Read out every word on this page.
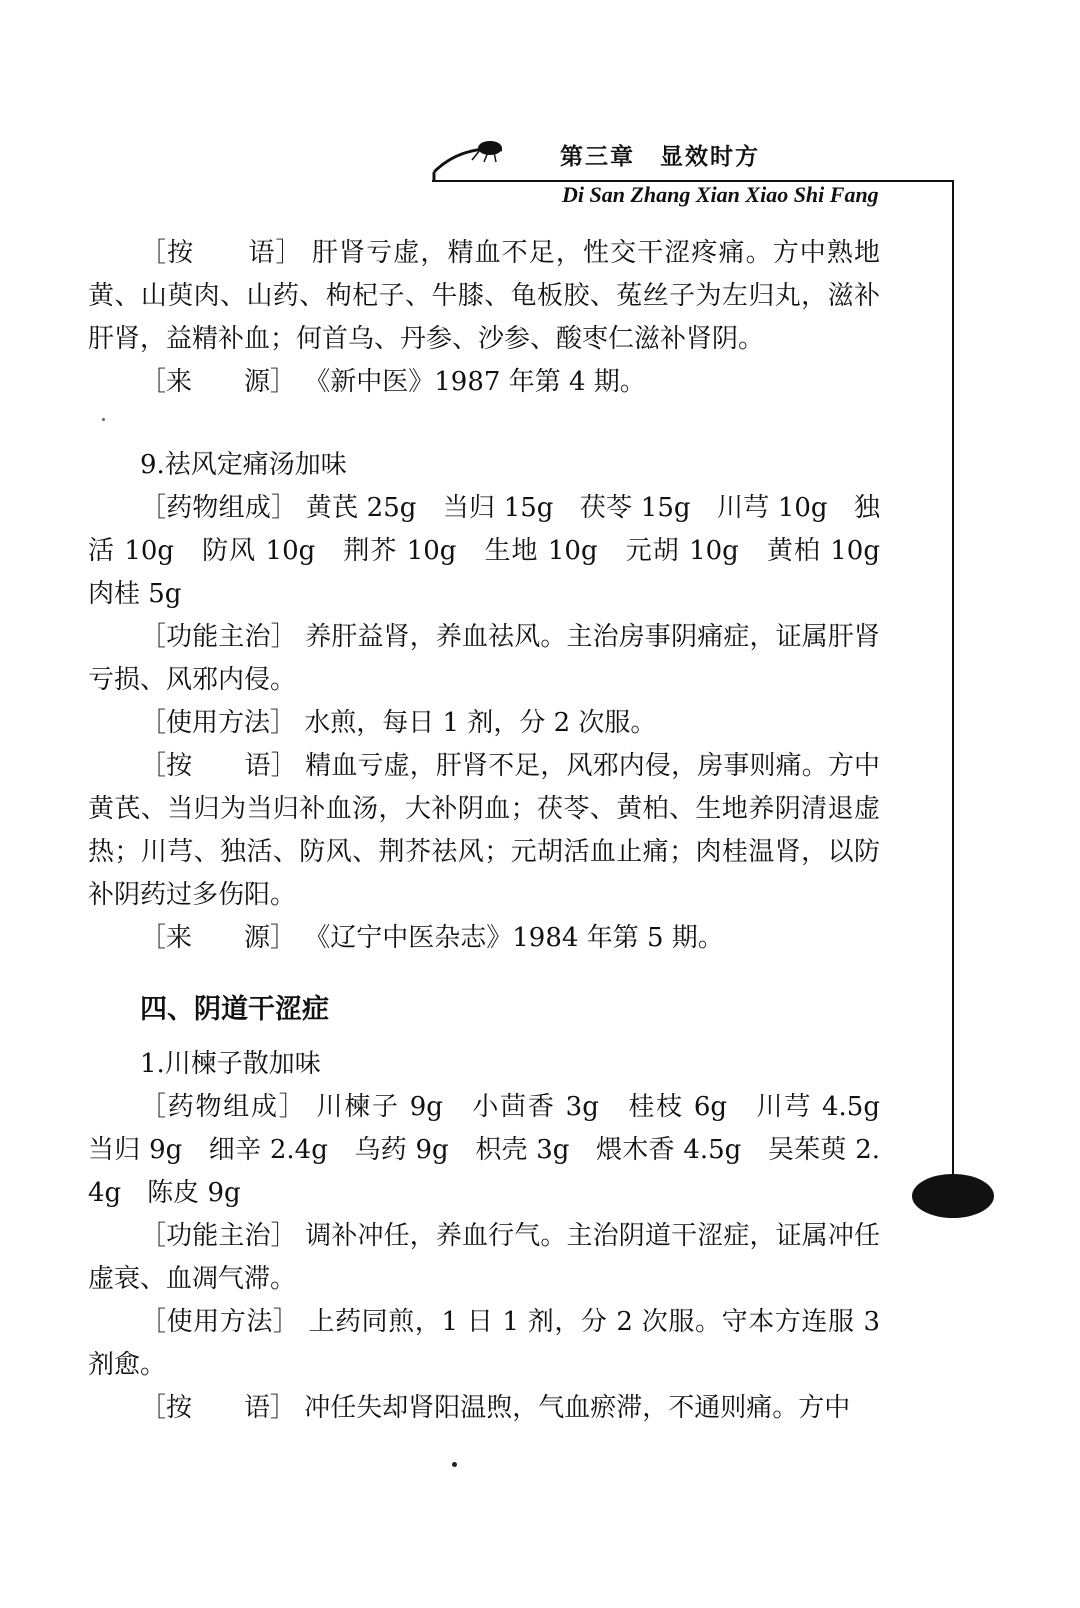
第三章　显效时方
Di San Zhang Xian Xiao Shi Fang

［按　　语］ 肝肾亏虚，精血不足，性交干涩疼痛。方中熟地黄、山萸肉、山药、枸杞子、牛膝、龟板胶、菟丝子为左归丸，滋补肝肾，益精补血；何首乌、丹参、沙参、酸枣仁滋补肾阴。

［来　　源］ 《新中医》1987 年第 4 期。

9.祛风定痛汤加味

［药物组成］ 黄芪 25g　当归 15g　茯苓 15g　川芎 10g　独活 10g　防风 10g　荆芥 10g　生地 10g　元胡 10g　黄柏 10g　肉桂 5g

［功能主治］ 养肝益肾，养血祛风。主治房事阴痛症，证属肝肾亏损、风邪内侵。

［使用方法］ 水煎，每日 1 剂，分 2 次服。

［按　　语］ 精血亏虚，肝肾不足，风邪内侵，房事则痛。方中黄芪、当归为当归补血汤，大补阴血；茯苓、黄柏、生地养阴清退虚热；川芎、独活、防风、荆芥祛风；元胡活血止痛；肉桂温肾，以防补阴药过多伤阳。

［来　　源］ 《辽宁中医杂志》1984 年第 5 期。

四、阴道干涩症

1.川楝子散加味

［药物组成］ 川楝子 9g　小茴香 3g　桂枝 6g　川芎 4.5g　当归 9g　细辛 2.4g　乌药 9g　枳壳 3g　煨木香 4.5g　吴茱萸 2.4g　陈皮 9g

［功能主治］ 调补冲任，养血行气。主治阴道干涩症，证属冲任虚衰、血凋气滞。

［使用方法］ 上药同煎，1 日 1 剂，分 2 次服。守本方连服 3 剂愈。

［按　　语］ 冲任失却肾阳温煦，气血瘀滞，不通则痛。方中
